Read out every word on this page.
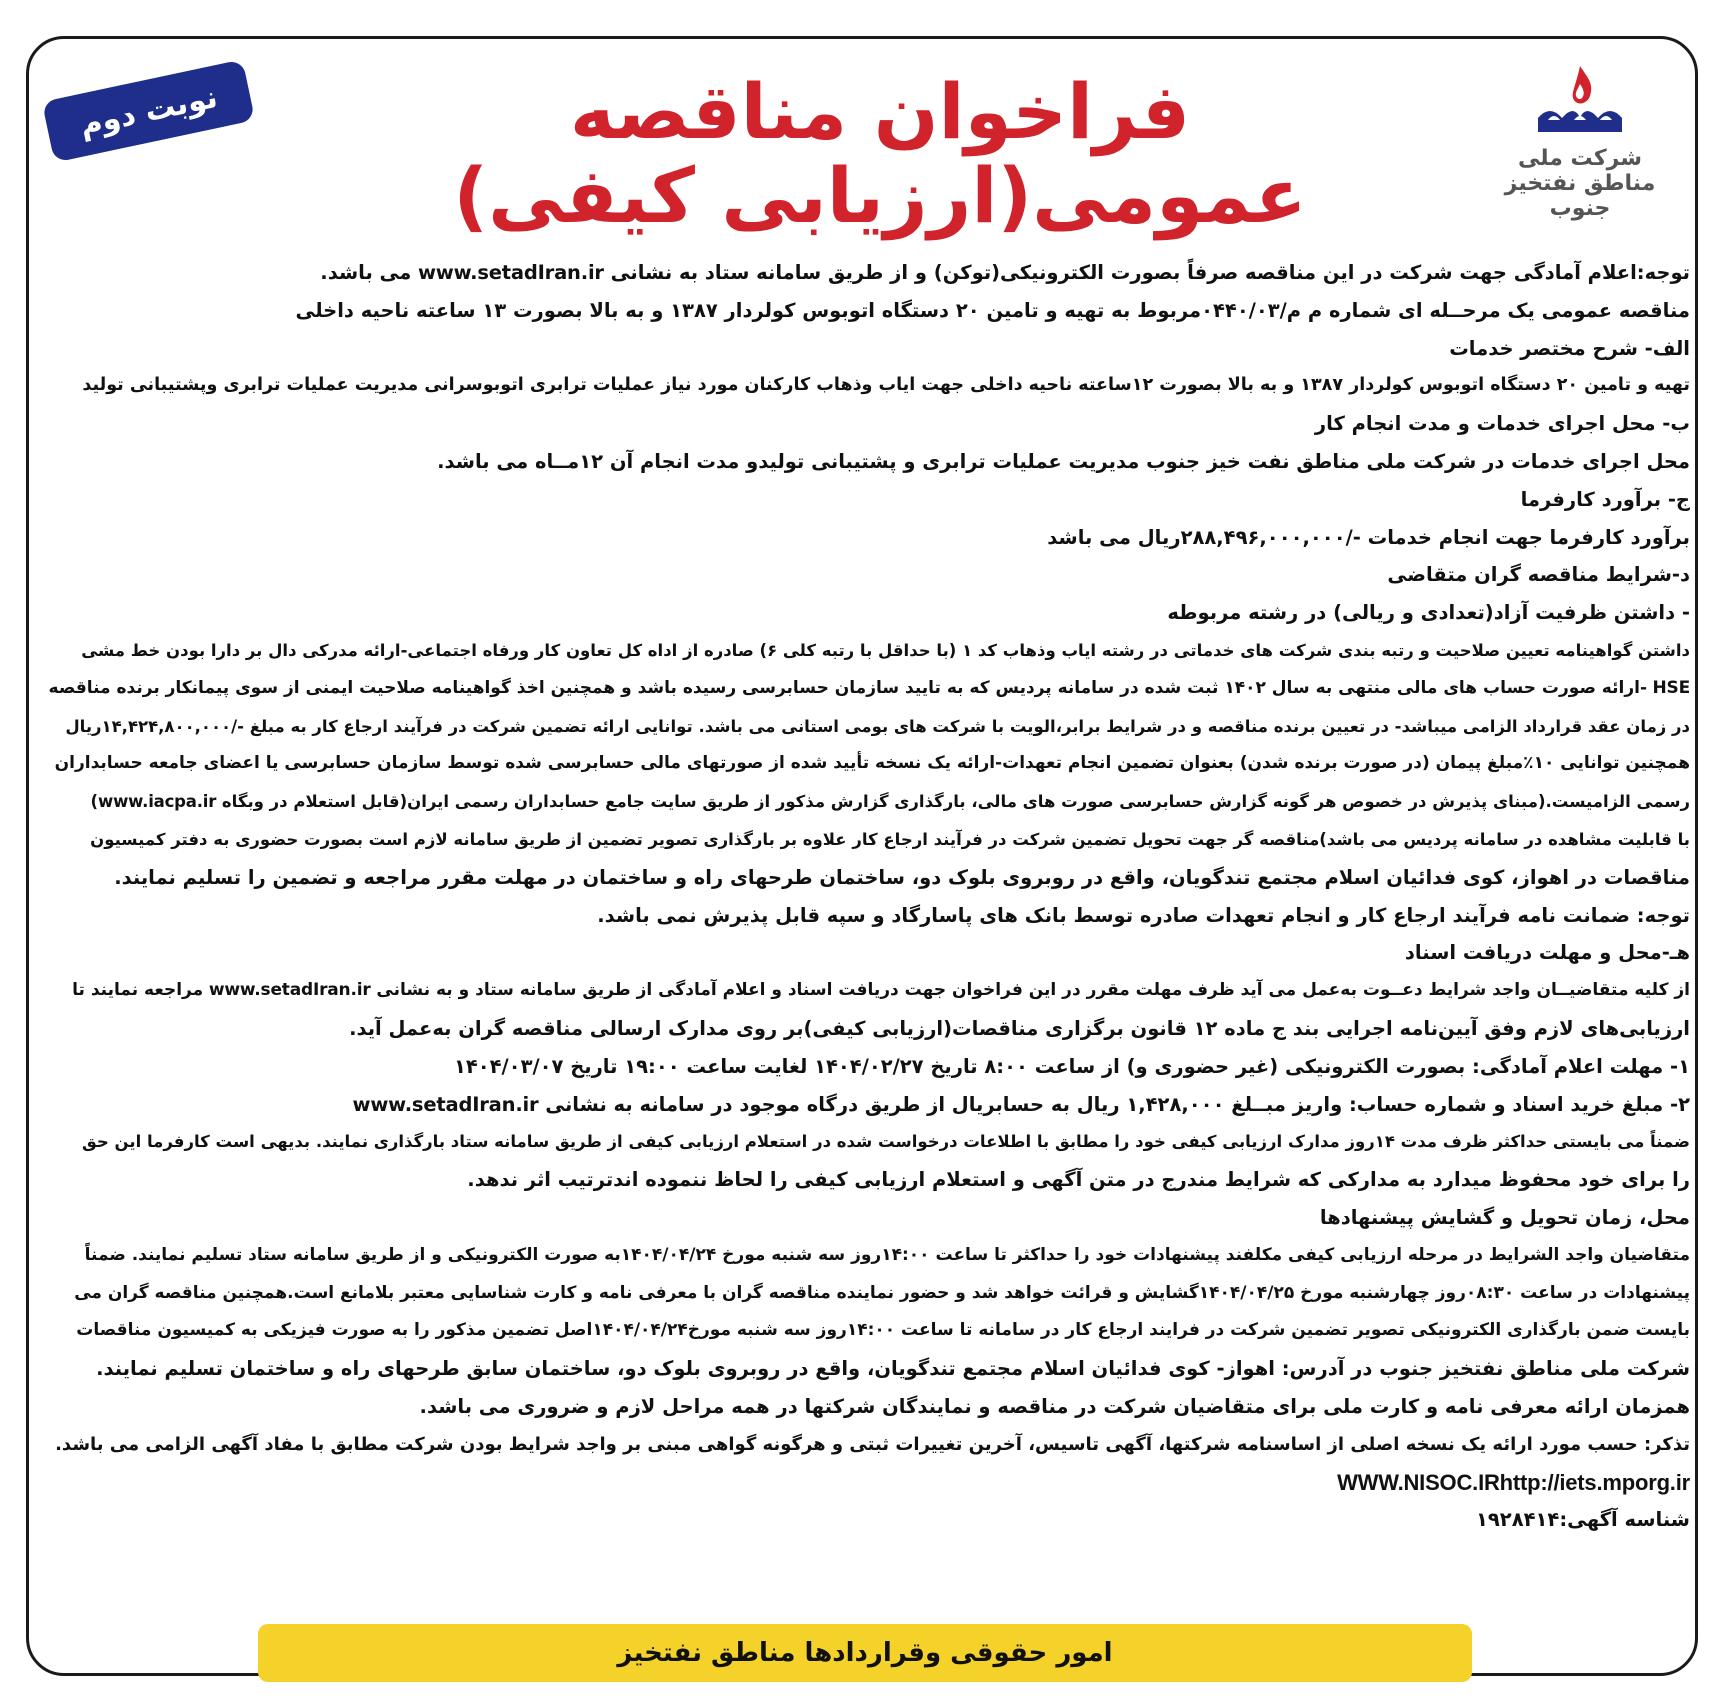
نوبت دوم	فراخوان مناقصه عمومی(ارزیابی کیفی)	شرکت ملی
مناطق نفتخیز جنوب
توجه:اعلام آمادگی جهت شرکت در این مناقصه صرفاً بصورت الکترونیکی(توکن) و از طریق سامانه ستاد به نشانی www.setadIran.ir می باشد.
مناقصه عمومی یک مرحــله ای شماره م م/۰۴۴۰/۰۳مربوط به تهیه و تامین ۲۰ دستگاه اتوبوس کولردار ۱۳۸۷ و به بالا بصورت ۱۳ ساعته ناحیه داخلی
الف- شرح مختصر خدمات
تهیه و تامین ۲۰ دستگاه اتوبوس کولردار ۱۳۸۷ و به بالا بصورت ۱۲ساعته ناحیه داخلی جهت ایاب وذهاب کارکنان مورد نیاز عملیات ترابری اتوبوسرانی مدیریت عملیات ترابری وپشتیبانی تولید
ب- محل اجرای خدمات و مدت انجام کار
محل اجرای خدمات در شرکت ملی مناطق نفت خیز جنوب مدیریت عملیات ترابری و پشتیبانی تولیدو مدت انجام آن ۱۲مــاه می باشد.
ج- برآورد کارفرما
برآورد کارفرما جهت انجام خدمات -/۲۸۸,۴۹۶,۰۰۰,۰۰۰ریال می باشد
د-شرایط مناقصه گران متقاضی
- داشتن ظرفیت آزاد(تعدادی و ریالی) در رشته مربوطه
داشتن گواهینامه تعیین صلاحیت و رتبه بندی شرکت های خدماتی در رشته ایاب وذهاب کد ۱ (با حداقل با رتبه کلی ۶) صادره از اداه کل تعاون کار ورفاه اجتماعی-ارائه مدرکی دال بر دارا بودن خط مشی
HSE -ارائه صورت حساب های مالی منتهی به سال ۱۴۰۲ ثبت شده در سامانه پردیس که به تایید سازمان حسابرسی رسیده باشد و همچنین اخذ گواهینامه صلاحیت ایمنی از سوی پیمانکار برنده مناقصه
در زمان عقد قرارداد الزامی میباشد- در تعیین برنده مناقصه و در شرایط برابر،الویت با شرکت های بومی استانی می باشد. توانایی ارائه تضمین شرکت در فرآیند ارجاع کار به مبلغ -/۱۴,۴۲۴,۸۰۰,۰۰۰ریال
همچنین توانایی ۱۰٪مبلغ پیمان (در صورت برنده شدن) بعنوان تضمین انجام تعهدات-ارائه یک نسخه تأیید شده از صورتهای مالی حسابرسی شده توسط سازمان حسابرسی یا اعضای جامعه حسابداران
رسمی الزامیست.(مبنای پذیرش در خصوص هر گونه گزارش حسابرسی صورت های مالی، بارگذاری گزارش مذکور از طریق سایت جامع حسابداران رسمی ایران(قابل استعلام در وبگاه www.iacpa.ir)
با قابلیت مشاهده در سامانه پردیس می باشد)مناقصه گر جهت تحویل تضمین شرکت در فرآیند ارجاع کار علاوه بر بارگذاری تصویر تضمین از طریق سامانه لازم است بصورت حضوری به دفتر کمیسیون
مناقصات در اهواز، کوی فدائیان اسلام مجتمع تندگویان، واقع در روبروی بلوک دو، ساختمان طرحهای راه و ساختمان در مهلت مقرر مراجعه و تضمین را تسلیم نمایند.
توجه: ضمانت نامه فرآیند ارجاع کار و انجام تعهدات صادره توسط بانک های پاسارگاد و سپه قابل پذیرش نمی باشد.
هـ-محل و مهلت دریافت اسناد
از کلیه متقاضیــان واجد شرایط دعــوت به‌عمل می آید ظرف مهلت مقرر در این فراخوان جهت دریافت اسناد و اعلام آمادگی از طریق سامانه ستاد و به نشانی www.setadIran.ir مراجعه نمایند تا
ارزیابی‌های لازم وفق آیین‌نامه اجرایی بند ج ماده ۱۲ قانون برگزاری مناقصات(ارزیابی کیفی)بر روی مدارک ارسالی مناقصه گران به‌عمل آید.
۱- مهلت اعلام آمادگی: بصورت الکترونیکی (غیر حضوری و) از ساعت ۸:۰۰ تاریخ ۱۴۰۴/۰۲/۲۷ لغایت ساعت ۱۹:۰۰ تاریخ ۱۴۰۴/۰۳/۰۷
۲- مبلغ خرید اسناد و شماره حساب: واریز مبــلغ ۱,۴۲۸,۰۰۰ ریال به حسابریال از طریق درگاه موجود در سامانه به نشانی www.setadIran.ir
ضمناً می بایستی حداکثر ظرف مدت ۱۴روز مدارک ارزیابی کیفی خود را مطابق با اطلاعات درخواست شده در استعلام ارزیابی کیفی از طریق سامانه ستاد بارگذاری نمایند. بدیهی است کارفرما این حق
را برای خود محفوظ میدارد به مدارکی که شرایط مندرج در متن آگهی و استعلام ارزیابی کیفی را لحاظ ننموده اندترتیب اثر ندهد.
محل، زمان تحویل و گشایش پیشنهادها
متقاضیان واجد الشرایط در مرحله ارزیابی کیفی مکلفند پیشنهادات خود را حداکثر تا ساعت ۱۴:۰۰روز سه شنبه مورخ ۱۴۰۴/۰۴/۲۴به صورت الکترونیکی و از طریق سامانه ستاد تسلیم نمایند. ضمناً
پیشنهادات در ساعت ۰۸:۳۰روز چهارشنبه مورخ ۱۴۰۴/۰۴/۲۵گشایش و قرائت خواهد شد و حضور نماینده مناقصه گران با معرفی نامه و کارت شناسایی معتبر بلامانع است.همچنین مناقصه گران می
بایست ضمن بارگذاری الکترونیکی تصویر تضمین شرکت در فرایند ارجاع کار در سامانه تا ساعت ۱۴:۰۰روز سه شنبه مورخ۱۴۰۴/۰۴/۲۴اصل تضمین مذکور را به صورت فیزیکی به کمیسیون مناقصات
شرکت ملی مناطق نفتخیز جنوب در آدرس: اهواز- کوی فدائیان اسلام مجتمع تندگویان، واقع در روبروی بلوک دو، ساختمان سابق طرحهای راه و ساختمان تسلیم نمایند.
همزمان ارائه معرفی نامه و کارت ملی برای متقاضیان شرکت در مناقصه و نمایندگان شرکتها در همه مراحل لازم و ضروری می باشد.
تذکر: حسب مورد ارائه یک نسخه اصلی از اساسنامه شرکتها، آگهی تاسیس، آخرین تغییرات ثبتی و هرگونه گواهی مبنی بر واجد شرایط بودن شرکت مطابق با مفاد آگهی الزامی می باشد.
WWW.NISOC.IRhttp://iets.mporg.ir
شناسه آگهی:۱۹۲۸۴۱۴
امور حقوقی وقراردادها مناطق نفتخیز
